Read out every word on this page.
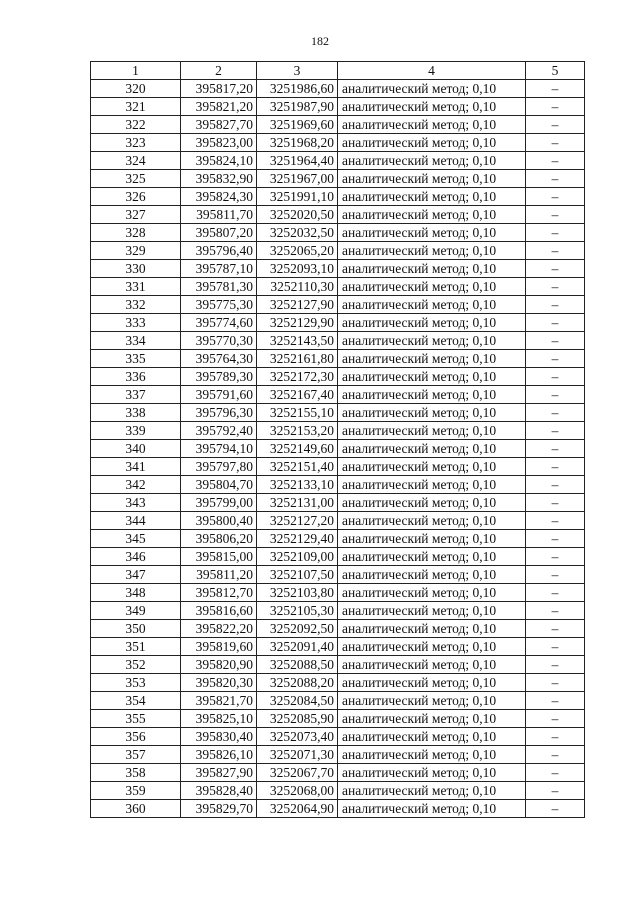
182
1	2	3	4	5
320	395817,20	3251986,60	аналитический метод; 0,10	–
321	395821,20	3251987,90	аналитический метод; 0,10	–
322	395827,70	3251969,60	аналитический метод; 0,10	–
323	395823,00	3251968,20	аналитический метод; 0,10	–
324	395824,10	3251964,40	аналитический метод; 0,10	–
325	395832,90	3251967,00	аналитический метод; 0,10	–
326	395824,30	3251991,10	аналитический метод; 0,10	–
327	395811,70	3252020,50	аналитический метод; 0,10	–
328	395807,20	3252032,50	аналитический метод; 0,10	–
329	395796,40	3252065,20	аналитический метод; 0,10	–
330	395787,10	3252093,10	аналитический метод; 0,10	–
331	395781,30	3252110,30	аналитический метод; 0,10	–
332	395775,30	3252127,90	аналитический метод; 0,10	–
333	395774,60	3252129,90	аналитический метод; 0,10	–
334	395770,30	3252143,50	аналитический метод; 0,10	–
335	395764,30	3252161,80	аналитический метод; 0,10	–
336	395789,30	3252172,30	аналитический метод; 0,10	–
337	395791,60	3252167,40	аналитический метод; 0,10	–
338	395796,30	3252155,10	аналитический метод; 0,10	–
339	395792,40	3252153,20	аналитический метод; 0,10	–
340	395794,10	3252149,60	аналитический метод; 0,10	–
341	395797,80	3252151,40	аналитический метод; 0,10	–
342	395804,70	3252133,10	аналитический метод; 0,10	–
343	395799,00	3252131,00	аналитический метод; 0,10	–
344	395800,40	3252127,20	аналитический метод; 0,10	–
345	395806,20	3252129,40	аналитический метод; 0,10	–
346	395815,00	3252109,00	аналитический метод; 0,10	–
347	395811,20	3252107,50	аналитический метод; 0,10	–
348	395812,70	3252103,80	аналитический метод; 0,10	–
349	395816,60	3252105,30	аналитический метод; 0,10	–
350	395822,20	3252092,50	аналитический метод; 0,10	–
351	395819,60	3252091,40	аналитический метод; 0,10	–
352	395820,90	3252088,50	аналитический метод; 0,10	–
353	395820,30	3252088,20	аналитический метод; 0,10	–
354	395821,70	3252084,50	аналитический метод; 0,10	–
355	395825,10	3252085,90	аналитический метод; 0,10	–
356	395830,40	3252073,40	аналитический метод; 0,10	–
357	395826,10	3252071,30	аналитический метод; 0,10	–
358	395827,90	3252067,70	аналитический метод; 0,10	–
359	395828,40	3252068,00	аналитический метод; 0,10	–
360	395829,70	3252064,90	аналитический метод; 0,10	–
